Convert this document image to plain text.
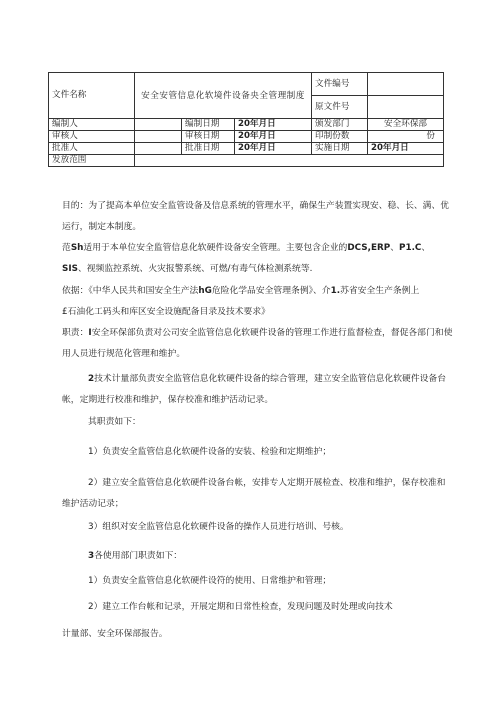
文件名称	安全安管信息化软境件设备央全管理制度			文件编号	
				原文件号	
编制人		编制日期	20年月日	颁发部门	安全环保部
审核人		审核日期	20年月日	印制份数	份
批准人		批准日期	20年月日	实施日期	20年月日
发放范围					
目的：为了提高本单位安全监管设备及信息系统的管理水平，确保生产装置实现安、稳、长、满、优运行，制定本制度。
范Sh适用于本单位安全监管信息化软硬件设备安全管理。主要包含企业的DCS,ERP、P1.C、
SIS、视频监控系统、火灾报警系统、可燃/有毒气体检测系统等.
依据：《中华人民共和国安全生产法hG危险化学品安全管理条例》、介1.苏省安全生产条例上
£石油化工码头和库区安全设施配备目录及技术要求》
职责：I安全环保部负责对公司安全监管信息化软硬件设备的管理工作进行监督检查，督促各部门和使用人员进行规范化管理和维护。
2技术计量部负责安全监管信息化软硬件设备的综合管理，建立安全监管信息化软硬件设备台帐，定期进行校准和维护，保存校准和维护活动记录。
其职责如下：
1）负责安全监管信息化软硬件设备的安装、检验和定期维护；
2）建立安全监管信息化软硬件设备台帐，安排专人定期开展检查、校准和维护，保存校准和维护活动记录；
3）组织对安全监管信息化软硬件设备的操作人员进行培训、号核。
3各使用部门职责如下：
1）负责安全监管信息化软硬件设符的使用、日常维护和管理；
2）建立工作台帐和记录，开展定期和日常性检查，发现问题及时处理或向技术
计量部、安全环保部报告。
